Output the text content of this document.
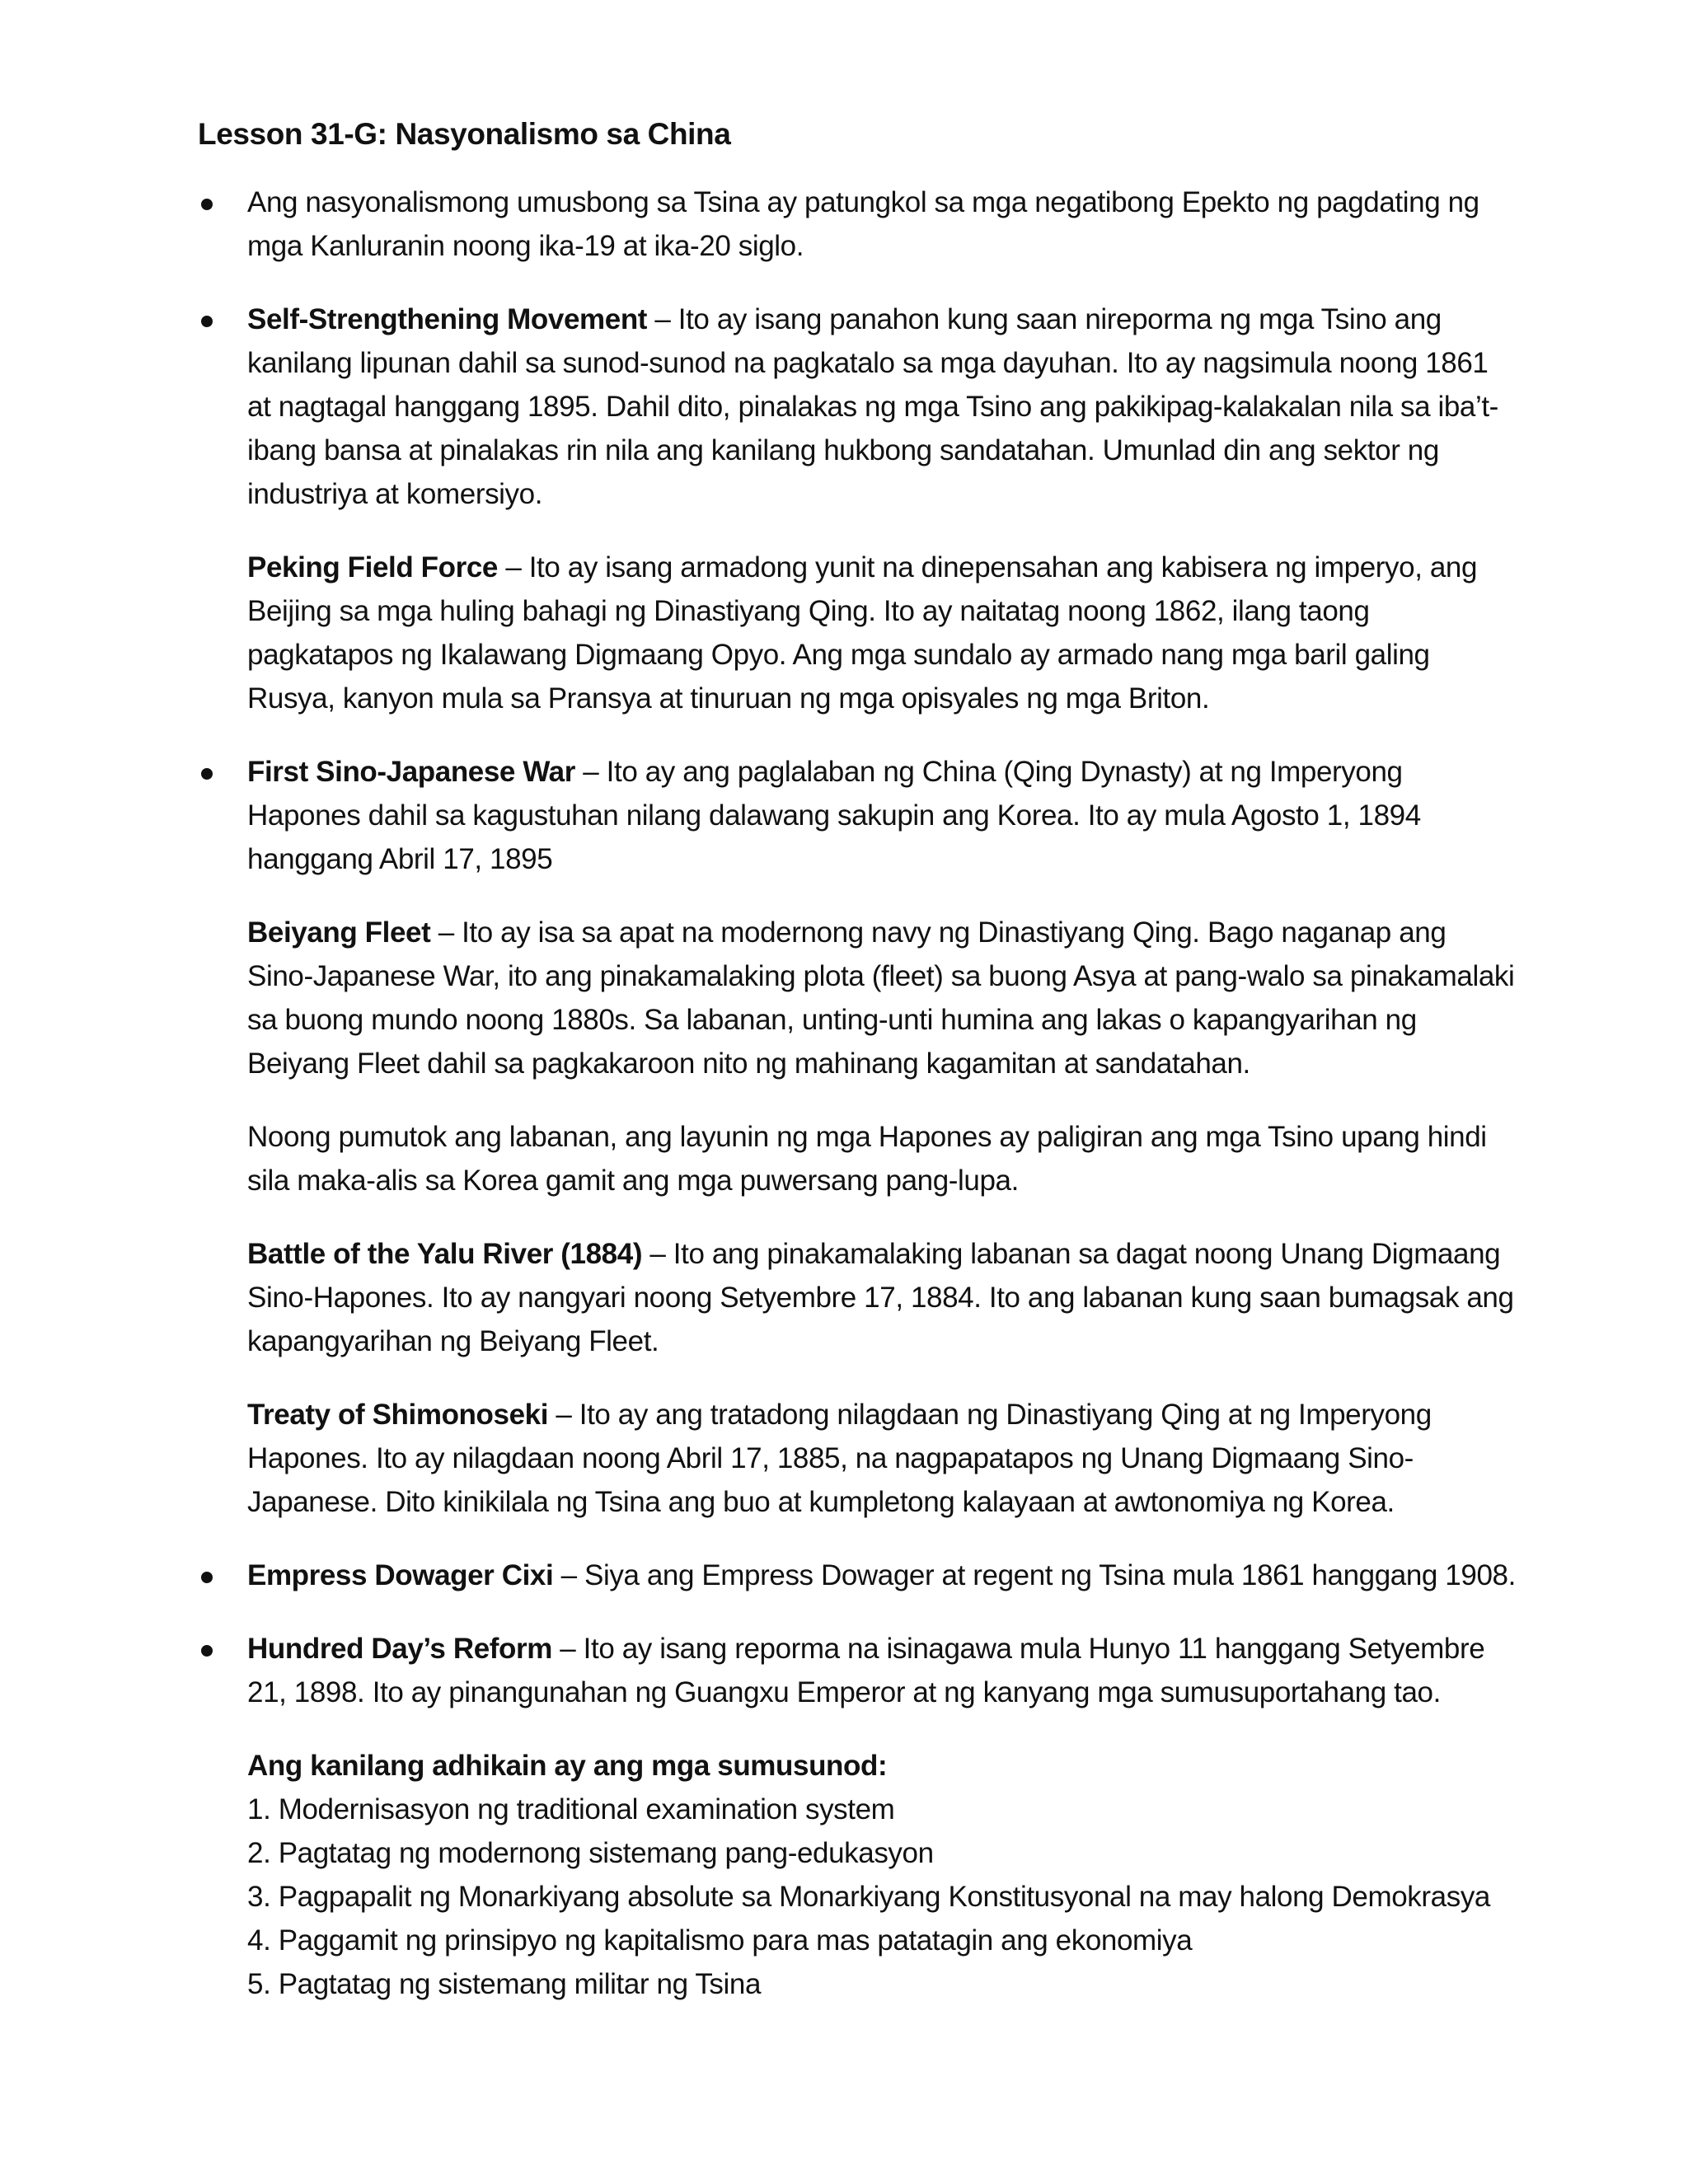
Lesson 31-G: Nasyonalismo sa China

Ang nasyonalismong umusbong sa Tsina ay patungkol sa mga negatibong Epekto ng pagdating ng mga Kanluranin noong ika-19 at ika-20 siglo.

Self-Strengthening Movement – Ito ay isang panahon kung saan nireporma ng mga Tsino ang kanilang lipunan dahil sa sunod-sunod na pagkatalo sa mga dayuhan. Ito ay nagsimula noong 1861 at nagtagal hanggang 1895. Dahil dito, pinalakas ng mga Tsino ang pakikipag-kalakalan nila sa iba’t-ibang bansa at pinalakas rin nila ang kanilang hukbong sandatahan. Umunlad din ang sektor ng industriya at komersiyo.

Peking Field Force – Ito ay isang armadong yunit na dinepensahan ang kabisera ng imperyo, ang Beijing sa mga huling bahagi ng Dinastiyang Qing. Ito ay naitatag noong 1862, ilang taong pagkatapos ng Ikalawang Digmaang Opyo. Ang mga sundalo ay armado nang mga baril galing Rusya, kanyon mula sa Pransya at tinuruan ng mga opisyales ng mga Briton.

First Sino-Japanese War – Ito ay ang paglalaban ng China (Qing Dynasty) at ng Imperyong Hapones dahil sa kagustuhan nilang dalawang sakupin ang Korea. Ito ay mula Agosto 1, 1894 hanggang Abril 17, 1895

Beiyang Fleet – Ito ay isa sa apat na modernong navy ng Dinastiyang Qing. Bago naganap ang Sino-Japanese War, ito ang pinakamalaking plota (fleet) sa buong Asya at pang-walo sa pinakamalaki sa buong mundo noong 1880s. Sa labanan, unting-unti humina ang lakas o kapangyarihan ng Beiyang Fleet dahil sa pagkakaroon nito ng mahinang kagamitan at sandatahan.

Noong pumutok ang labanan, ang layunin ng mga Hapones ay paligiran ang mga Tsino upang hindi sila maka-alis sa Korea gamit ang mga puwersang pang-lupa.

Battle of the Yalu River (1884) – Ito ang pinakamalaking labanan sa dagat noong Unang Digmaang Sino-Hapones. Ito ay nangyari noong Setyembre 17, 1884. Ito ang labanan kung saan bumagsak ang kapangyarihan ng Beiyang Fleet.

Treaty of Shimonoseki – Ito ay ang tratadong nilagdaan ng Dinastiyang Qing at ng Imperyong Hapones. Ito ay nilagdaan noong Abril 17, 1885, na nagpapatapos ng Unang Digmaang Sino-Japanese. Dito kinikilala ng Tsina ang buo at kumpletong kalayaan at awtonomiya ng Korea.

Empress Dowager Cixi – Siya ang Empress Dowager at regent ng Tsina mula 1861 hanggang 1908.

Hundred Day’s Reform – Ito ay isang reporma na isinagawa mula Hunyo 11 hanggang Setyembre 21, 1898. Ito ay pinangunahan ng Guangxu Emperor at ng kanyang mga sumusuportahang tao.

Ang kanilang adhikain ay ang mga sumusunod:

1. Modernisasyon ng traditional examination system

2. Pagtatag ng modernong sistemang pang-edukasyon

3. Pagpapalit ng Monarkiyang absolute sa Monarkiyang Konstitusyonal na may halong Demokrasya

4. Paggamit ng prinsipyo ng kapitalismo para mas patatagin ang ekonomiya

5. Pagtatag ng sistemang militar ng Tsina
